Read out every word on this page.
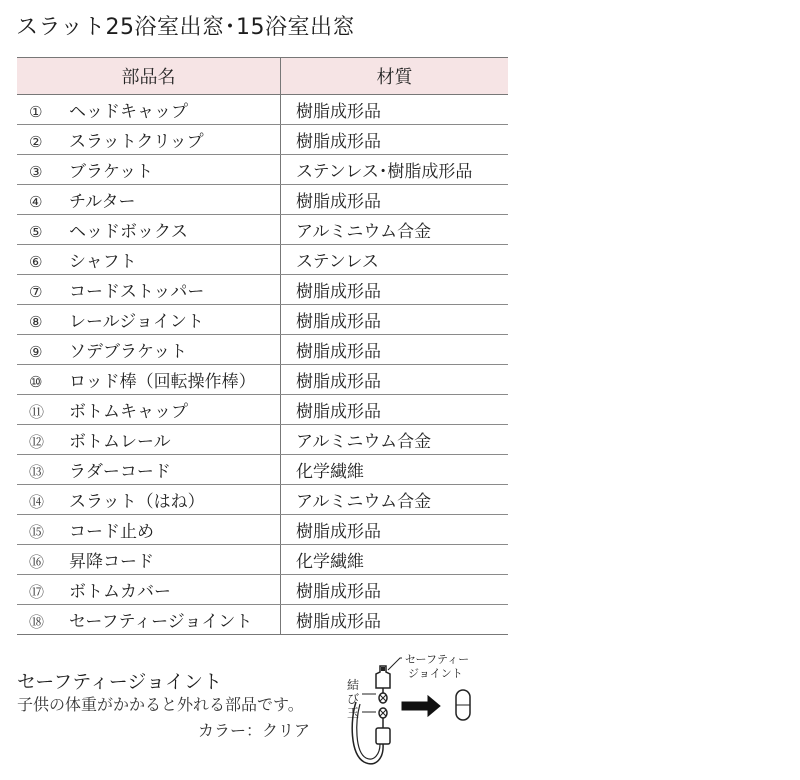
スラット25浴室出窓･15浴室出窓
部品名	材質
① ヘッドキャップ	樹脂成形品
② スラットクリップ	樹脂成形品
③ ブラケット	ステンレス･樹脂成形品
④ チルター	樹脂成形品
⑤ ヘッドボックス	アルミニウム合金
⑥ シャフト	ステンレス
⑦ コードストッパー	樹脂成形品
⑧ レールジョイント	樹脂成形品
⑨ ソデブラケット	樹脂成形品
⑩ ロッド棒（回転操作棒）	樹脂成形品
⑪ ボトムキャップ	樹脂成形品
⑫ ボトムレール	アルミニウム合金
⑬ ラダーコード	化学繊維
⑭ スラット（はね）	アルミニウム合金
⑮ コード止め	樹脂成形品
⑯ 昇降コード	化学繊維
⑰ ボトムカバー	樹脂成形品
⑱ セーフティージョイント	樹脂成形品
セーフティージョイント
子供の体重がかかると外れる部品です。
カラー：クリア
セーフティー
ジョイント
結び玉
